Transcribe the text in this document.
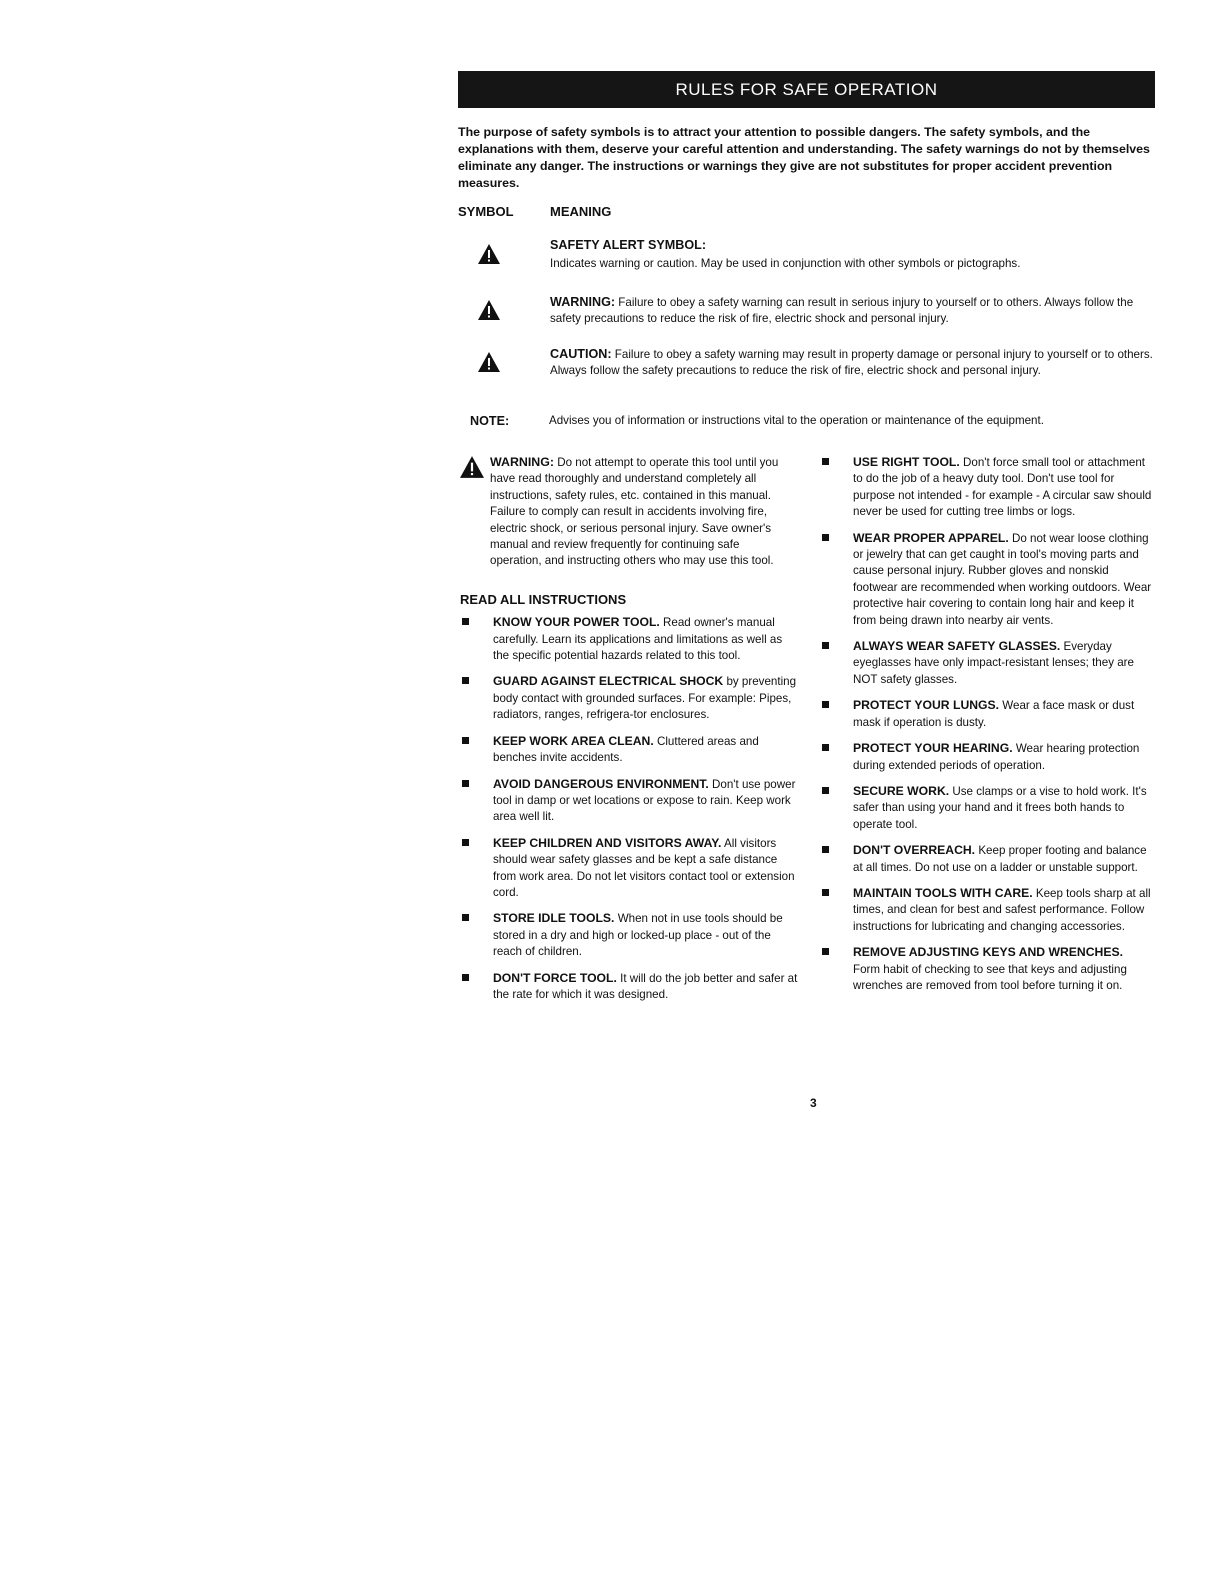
RULES FOR SAFE OPERATION

The purpose of safety symbols is to attract your attention to possible dangers. The safety symbols, and the explanations with them, deserve your careful attention and understanding. The safety warnings do not by themselves eliminate any danger. The instructions or warnings they give are not substitutes for proper accident prevention measures.

SYMBOL	MEANING
SAFETY ALERT SYMBOL:
Indicates warning or caution. May be used in conjunction with other symbols or pictographs.
WARNING: Failure to obey a safety warning can result in serious injury to yourself or to others. Always follow the safety precautions to reduce the risk of fire, electric shock and personal injury.
CAUTION: Failure to obey a safety warning may result in property damage or personal injury to yourself or to others. Always follow the safety precautions to reduce the risk of fire, electric shock and personal injury.
NOTE:	Advises you of information or instructions vital to the operation or maintenance of the equipment.
WARNING: Do not attempt to operate this tool until you have read thoroughly and understand completely all instructions, safety rules, etc. contained in this manual. Failure to comply can result in accidents involving fire, electric shock, or serious personal injury. Save owner's manual and review frequently for continuing safe operation, and instructing others who may use this tool.
READ ALL INSTRUCTIONS
KNOW YOUR POWER TOOL. Read owner's manual carefully. Learn its applications and limitations as well as the specific potential hazards related to this tool.
GUARD AGAINST ELECTRICAL SHOCK by preventing body contact with grounded surfaces. For example: Pipes, radiators, ranges, refrigera-tor enclosures.
KEEP WORK AREA CLEAN. Cluttered areas and benches invite accidents.
AVOID DANGEROUS ENVIRONMENT. Don't use power tool in damp or wet locations or expose to rain. Keep work area well lit.
KEEP CHILDREN AND VISITORS AWAY. All visitors should wear safety glasses and be kept a safe distance from work area. Do not let visitors contact tool or extension cord.
STORE IDLE TOOLS. When not in use tools should be stored in a dry and high or locked-up place - out of the reach of children.
DON'T FORCE TOOL. It will do the job better and safer at the rate for which it was designed.
USE RIGHT TOOL. Don't force small tool or attachment to do the job of a heavy duty tool. Don't use tool for purpose not intended - for example - A circular saw should never be used for cutting tree limbs or logs.
WEAR PROPER APPAREL. Do not wear loose clothing or jewelry that can get caught in tool's moving parts and cause personal injury. Rubber gloves and nonskid footwear are recommended when working outdoors. Wear protective hair covering to contain long hair and keep it from being drawn into nearby air vents.
ALWAYS WEAR SAFETY GLASSES. Everyday eyeglasses have only impact-resistant lenses; they are NOT safety glasses.
PROTECT YOUR LUNGS. Wear a face mask or dust mask if operation is dusty.
PROTECT YOUR HEARING. Wear hearing protection during extended periods of operation.
SECURE WORK. Use clamps or a vise to hold work. It's safer than using your hand and it frees both hands to operate tool.
DON'T OVERREACH. Keep proper footing and balance at all times. Do not use on a ladder or unstable support.
MAINTAIN TOOLS WITH CARE. Keep tools sharp at all times, and clean for best and safest performance. Follow instructions for lubricating and changing accessories.
REMOVE ADJUSTING KEYS AND WRENCHES. Form habit of checking to see that keys and adjusting wrenches are removed from tool before turning it on.
3
